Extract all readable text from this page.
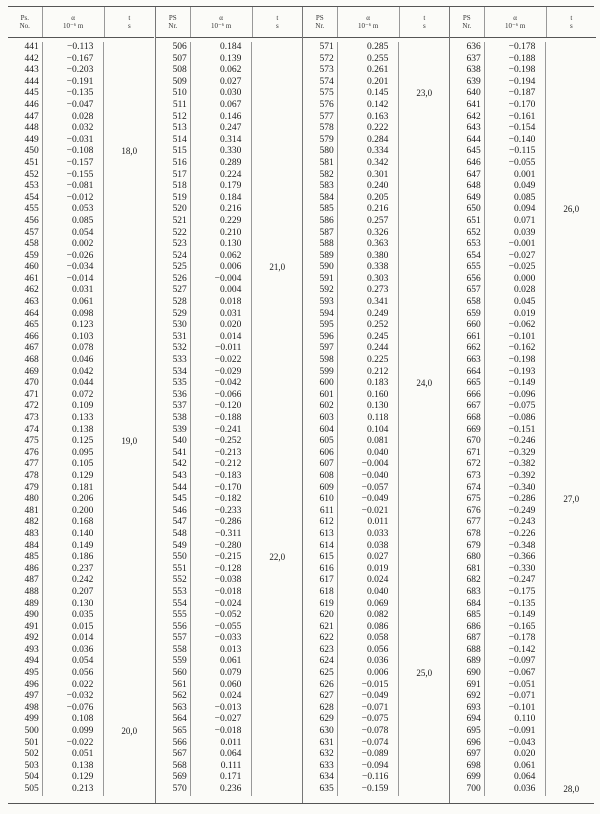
Ps.
No.
α
10⁻⁶ m
t
s
441	−0.113
442	−0.167
443	−0.203
444	−0.191
445	−0.135
446	−0.047
447	0.028
448	0.032
449	−0.031
450	−0.108	18,0
451	−0.157
452	−0.155
453	−0.081
454	−0.012
455	0.053
456	0.085
457	0.054
458	0.002
459	−0.026
460	−0.034
461	−0.014
462	0.031
463	0.061
464	0.098
465	0.123
466	0.103
467	0.078
468	0.046
469	0.042
470	0.044
471	0.072
472	0.109
473	0.133
474	0.138
475	0.125	19,0
476	0.095
477	0.105
478	0.129
479	0.181
480	0.206
481	0.200
482	0.168
483	0.140
484	0.149
485	0.186
486	0.237
487	0.242
488	0.207
489	0.130
490	0.035
491	0.015
492	0.014
493	0.036
494	0.054
495	0.056
496	0.022
497	−0.032
498	−0.076
499	0.108
500	0.099	20,0
501	−0.022
502	0.051
503	0.138
504	0.129
505	0.213
PS
Nr.
α
10⁻⁶ m
t
s
506	0.184
507	0.139
508	0.062
509	0.027
510	0.030
511	0.067
512	0.146
513	0.247
514	0.314
515	0.330
516	0.289
517	0.224
518	0.179
519	0.184
520	0.216
521	0.229
522	0.210
523	0.130
524	0.062
525	0.006	21,0
526	−0.004
527	0.004
528	0.018
529	0.031
530	0.020
531	0.014
532	−0.011
533	−0.022
534	−0.029
535	−0.042
536	−0.066
537	−0.120
538	−0.188
539	−0.241
540	−0.252
541	−0.213
542	−0.212
543	−0.183
544	−0.170
545	−0.182
546	−0.233
547	−0.286
548	−0.311
549	−0.280
550	−0.215	22,0
551	−0.128
552	−0.038
553	−0.018
554	−0.024
555	−0.052
556	−0.055
557	−0.033
558	0.013
559	0.061
560	0.079
561	0.060
562	0.024
563	−0.013
564	−0.027
565	−0.018
566	0.011
567	0.064
568	0.111
569	0.171
570	0.236
PS
Nr.
α
10⁻⁶ m
t
s
571	0.285
572	0.255
573	0.261
574	0.201
575	0.145	23,0
576	0.142
577	0.163
578	0.222
579	0.284
580	0.334
581	0.342
582	0.301
583	0.240
584	0.205
585	0.216
586	0.257
587	0.326
588	0.363
589	0.380
590	0.338
591	0.303
592	0.273
593	0.341
594	0.249
595	0.252
596	0.245
597	0.244
598	0.225
599	0.212
600	0.183	24,0
601	0.160
602	0.130
603	0.118
604	0.104
605	0.081
606	0.040
607	−0.004
608	−0.040
609	−0.057
610	−0.049
611	−0.021
612	0.011
613	0.033
614	0.038
615	0.027
616	0.019
617	0.024
618	0.040
619	0.069
620	0.082
621	0.086
622	0.058
623	0.056
624	0.036
625	0.006	25,0
626	−0.015
627	−0.049
628	−0.071
629	−0.075
630	−0.078
631	−0.074
632	−0.089
633	−0.094
634	−0.116
635	−0.159
PS
Nr.
α
10⁻⁶ m
t
s
636	−0.178
637	−0.188
638	−0.198
639	−0.194
640	−0.187
641	−0.170
642	−0.161
643	−0.154
644	−0.140
645	−0.115
646	−0.055
647	0.001
648	0.049
649	0.085
650	0.094	26,0
651	0.071
652	0.039
653	−0.001
654	−0.027
655	−0.025
656	0.000
657	0.028
658	0.045
659	0.019
660	−0.062
661	−0.101
662	−0.162
663	−0.198
664	−0.193
665	−0.149
666	−0.096
667	−0.075
668	−0.086
669	−0.151
670	−0.246
671	−0.329
672	−0.382
673	−0.392
674	−0.340
675	−0.286	27,0
676	−0.249
677	−0.243
678	−0.226
679	−0.348
680	−0.366
681	−0.330
682	−0.247
683	−0.175
684	−0.135
685	−0.149
686	−0.165
687	−0.178
688	−0.142
689	−0.097
690	−0.067
691	−0.051
692	−0.071
693	−0.101
694	0.110
695	−0.091
696	−0.043
697	0.020
698	0.061
699	0.064
700	0.036	28,0
